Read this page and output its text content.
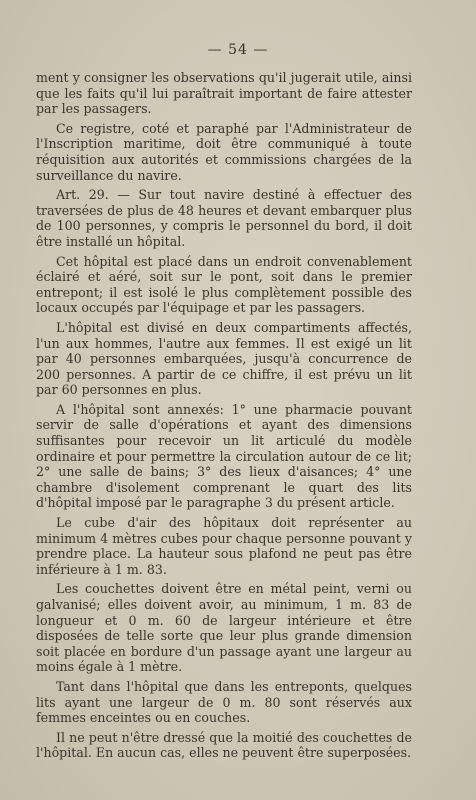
— 54 —

ment y consigner les observations qu'il jugerait utile, ainsi que les faits qu'il lui paraîtrait important de faire attester par les passagers.

Ce registre, coté et paraphé par l'Administrateur de l'Inscription maritime, doit être communiqué à toute réquisition aux autorités et commissions chargées de la surveillance du navire.

Art. 29. — Sur tout navire destiné à effectuer des traversées de plus de 48 heures et devant embarquer plus de 100 personnes, y compris le personnel du bord, il doit être installé un hôpital.

Cet hôpital est placé dans un endroit convenablement éclairé et aéré, soit sur le pont, soit dans le premier entrepont; il est isolé le plus complètement possible des locaux occupés par l'équipage et par les passagers.

L'hôpital est divisé en deux compartiments affectés, l'un aux hommes, l'autre aux femmes. Il est exigé un lit par 40 personnes embarquées, jusqu'à concurrence de 200 personnes. A partir de ce chiffre, il est prévu un lit par 60 personnes en plus.

A l'hôpital sont annexés: 1° une pharmacie pouvant servir de salle d'opérations et ayant des dimensions suffisantes pour recevoir un lit articulé du modèle ordinaire et pour permettre la circulation autour de ce lit; 2° une salle de bains; 3° des lieux d'aisances; 4° une chambre d'isolement comprenant le quart des lits d'hôpital imposé par le paragraphe 3 du présent article.

Le cube d'air des hôpitaux doit représenter au minimum 4 mètres cubes pour chaque personne pouvant y prendre place. La hauteur sous plafond ne peut pas être inférieure à 1 m. 83.

Les couchettes doivent être en métal peint, verni ou galvanisé; elles doivent avoir, au minimum, 1 m. 83 de longueur et 0 m. 60 de largeur intérieure et être disposées de telle sorte que leur plus grande dimension soit placée en bordure d'un passage ayant une largeur au moins égale à 1 mètre.

Tant dans l'hôpital que dans les entreponts, quelques lits ayant une largeur de 0 m. 80 sont réservés aux femmes enceintes ou en couches.

Il ne peut n'être dressé que la moitié des couchettes de l'hôpital. En aucun cas, elles ne peuvent être superposées.
